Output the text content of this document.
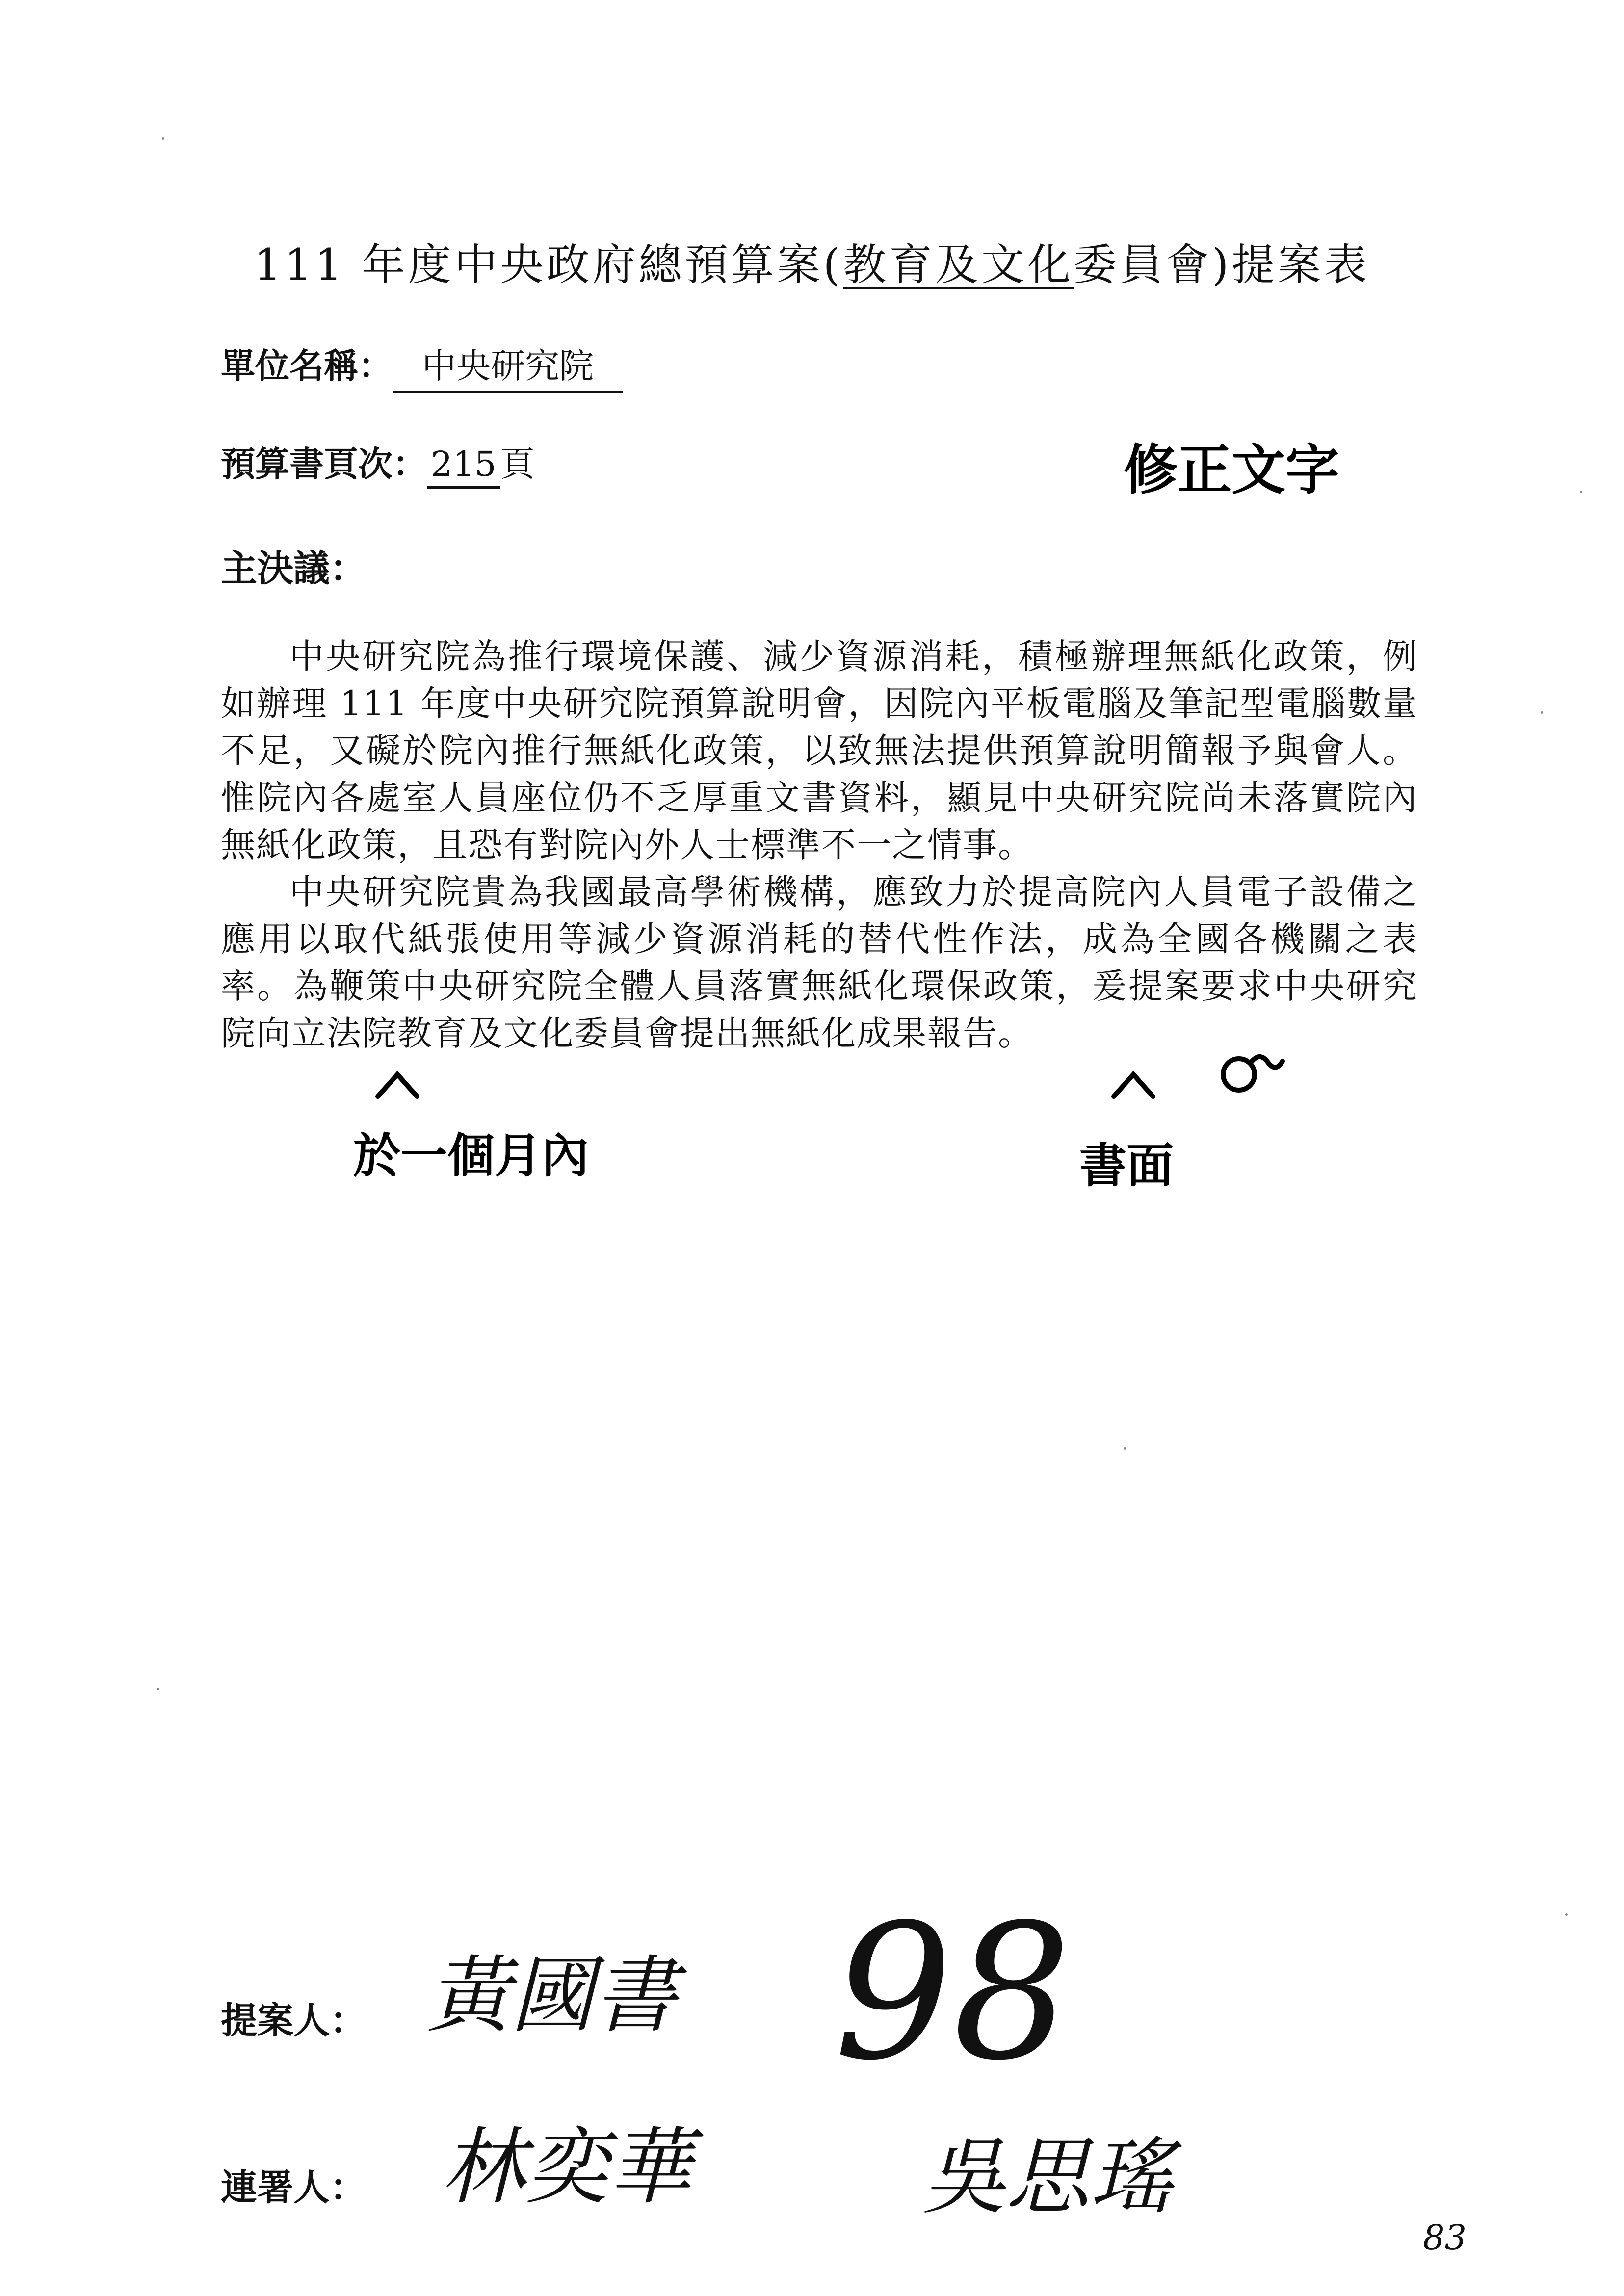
111 年度中央政府總預算案(教育及文化委員會)提案表
單位名稱： 中央研究院
預算書頁次： 215 頁	修正文字
主決議：

中央研究院為推行環境保護、減少資源消耗，積極辦理無紙化政策，例如辦理 111 年度中央研究院預算說明會，因院內平板電腦及筆記型電腦數量不足，又礙於院內推行無紙化政策，以致無法提供預算說明簡報予與會人。惟院內各處室人員座位仍不乏厚重文書資料，顯見中央研究院尚未落實院內無紙化政策，且恐有對院內外人士標準不一之情事。

中央研究院貴為我國最高學術機構，應致力於提高院內人員電子設備之應用以取代紙張使用等減少資源消耗的替代性作法，成為全國各機關之表率。為鞭策中央研究院全體人員落實無紙化環保政策，爰提案要求中央研究院向立法院教育及文化委員會提出無紙化成果報告。

於一個月內	書面
提案人： 黃國書 98
連署人： 林奕華	吳思瑤
83
